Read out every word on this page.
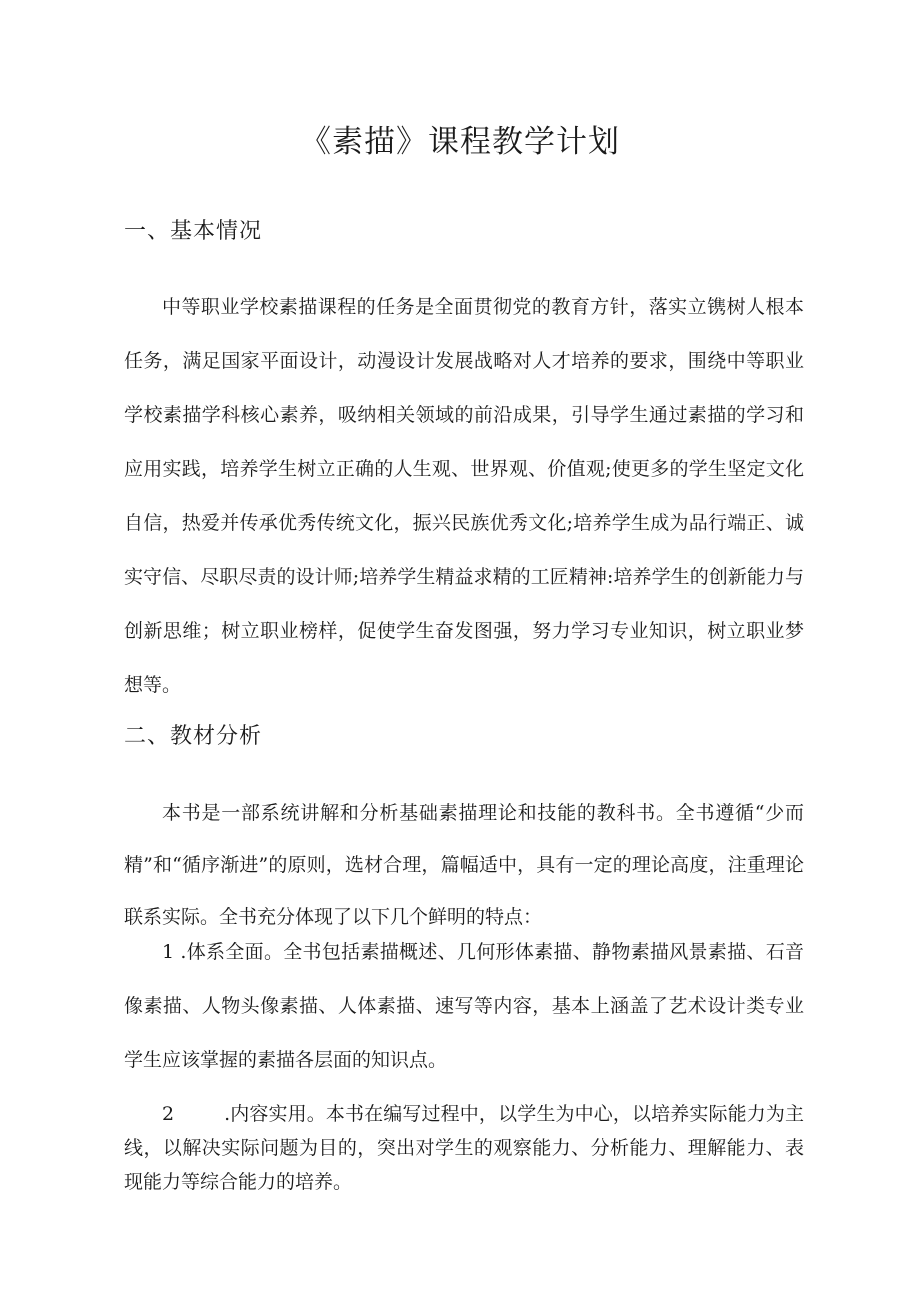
《素描》课程教学计划
一、基本情况

中等职业学校素描课程的任务是全面贯彻党的教育方针，落实立镌树人根本任务，满足国家平面设计，动漫设计发展战略对人才培养的要求，围绕中等职业学校素描学科核心素养，吸纳相关领域的前沿成果，引导学生通过素描的学习和应用实践，培养学生树立正确的人生观、世界观、价值观;使更多的学生坚定文化自信，热爱并传承优秀传统文化，振兴民族优秀文化;培养学生成为品行端正、诚实守信、尽职尽责的设计师;培养学生精益求精的工匠精神:培养学生的创新能力与创新思维；树立职业榜样，促使学生奋发图强，努力学习专业知识，树立职业梦想等。

二、教材分析

本书是一部系统讲解和分析基础素描理论和技能的教科书。全书遵循“少而精”和“循序渐进”的原则，选材合理，篇幅适中，具有一定的理论高度，注重理论联系实际。全书充分体现了以下几个鲜明的特点：

1 .体系全面。全书包括素描概述、几何形体素描、静物素描风景素描、石音像素描、人物头像素描、人体素描、速写等内容，基本上涵盖了艺术设计类专业学生应该掌握的素描各层面的知识点。

2	.内容实用。本书在编写过程中，以学生为中心，以培养实际能力为主线，以解决实际问题为目的，突出对学生的观察能力、分析能力、理解能力、表现能力等综合能力的培养。
